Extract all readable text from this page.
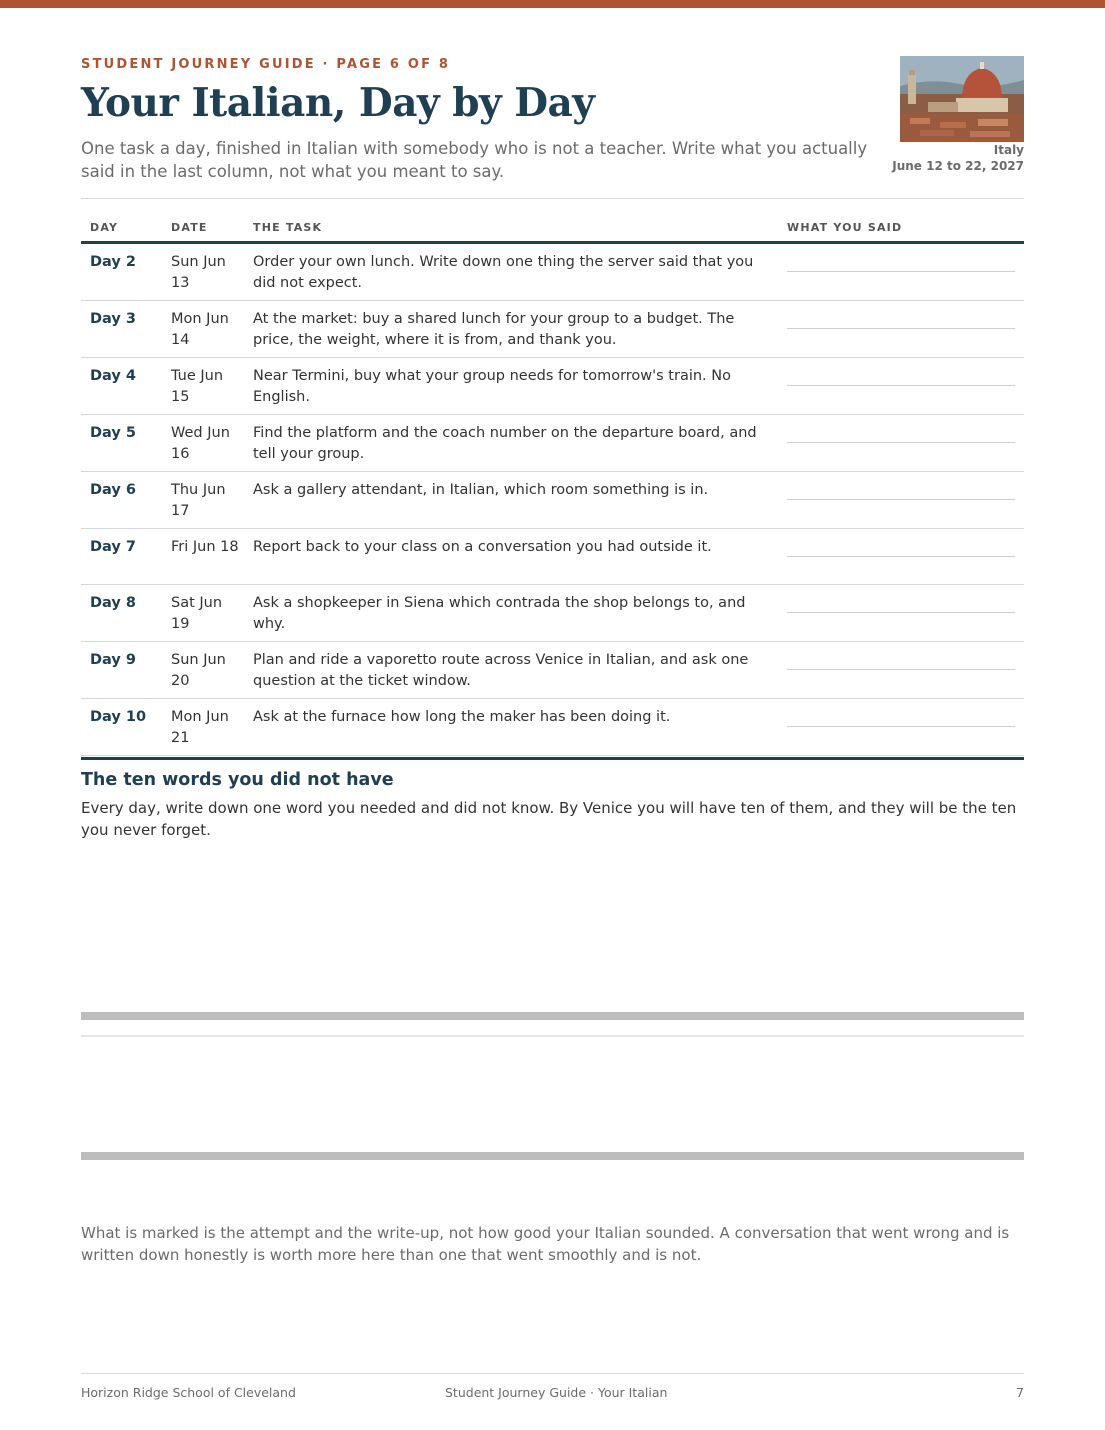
STUDENT JOURNEY GUIDE · PAGE 6 OF 8
Your Italian, Day by Day
One task a day, finished in Italian with somebody who is not a teacher. Write what you actually said in the last column, not what you meant to say.
Italy
June 12 to 22, 2027
DAY	DATE	THE TASK	WHAT YOU SAID
Day 2	Sun Jun 13	Order your own lunch. Write down one thing the server said that you did not expect.	

Day 3	Mon Jun 14	At the market: buy a shared lunch for your group to a budget. The price, the weight, where it is from, and thank you.	

Day 4	Tue Jun 15	Near Termini, buy what your group needs for tomorrow's train. No English.	

Day 5	Wed Jun 16	Find the platform and the coach number on the departure board, and tell your group.	

Day 6	Thu Jun 17	Ask a gallery attendant, in Italian, which room something is in.	

Day 7	Fri Jun 18	Report back to your class on a conversation you had outside it.	

Day 8	Sat Jun 19	Ask a shopkeeper in Siena which contrada the shop belongs to, and why.	

Day 9	Sun Jun 20	Plan and ride a vaporetto route across Venice in Italian, and ask one question at the ticket window.	

Day 10	Mon Jun 21	Ask at the furnace how long the maker has been doing it.	
The ten words you did not have
Every day, write down one word you needed and did not know. By Venice you will have ten of them, and they will be the ten you never forget.
What is marked is the attempt and the write-up, not how good your Italian sounded. A conversation that went wrong and is written down honestly is worth more here than one that went smoothly and is not.
Horizon Ridge School of Cleveland	Student Journey Guide · Your Italian	7
